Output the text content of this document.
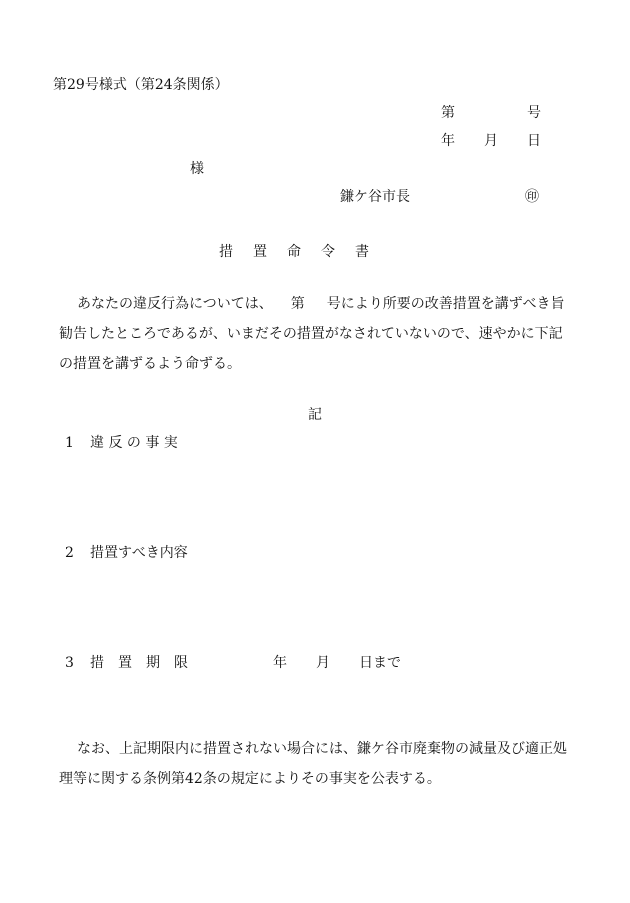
第29号様式（第24条関係）
第	号
年 月 日
様
鎌ケ谷市長	㊞
措　置　命　令　書
あなたの違反行為については、 第 号により所要の改善措置を講ずべき旨勧告したところであるが、いまだその措置がなされていないので、速やかに下記の措置を講ずるよう命ずる。
記
1 違 反 の 事 実
2 措置すべき内容
3 措　置　期　限	年 月 日まで
なお、上記期限内に措置されない場合には、鎌ケ谷市廃棄物の減量及び適正処理等に関する条例第42条の規定によりその事実を公表する。
